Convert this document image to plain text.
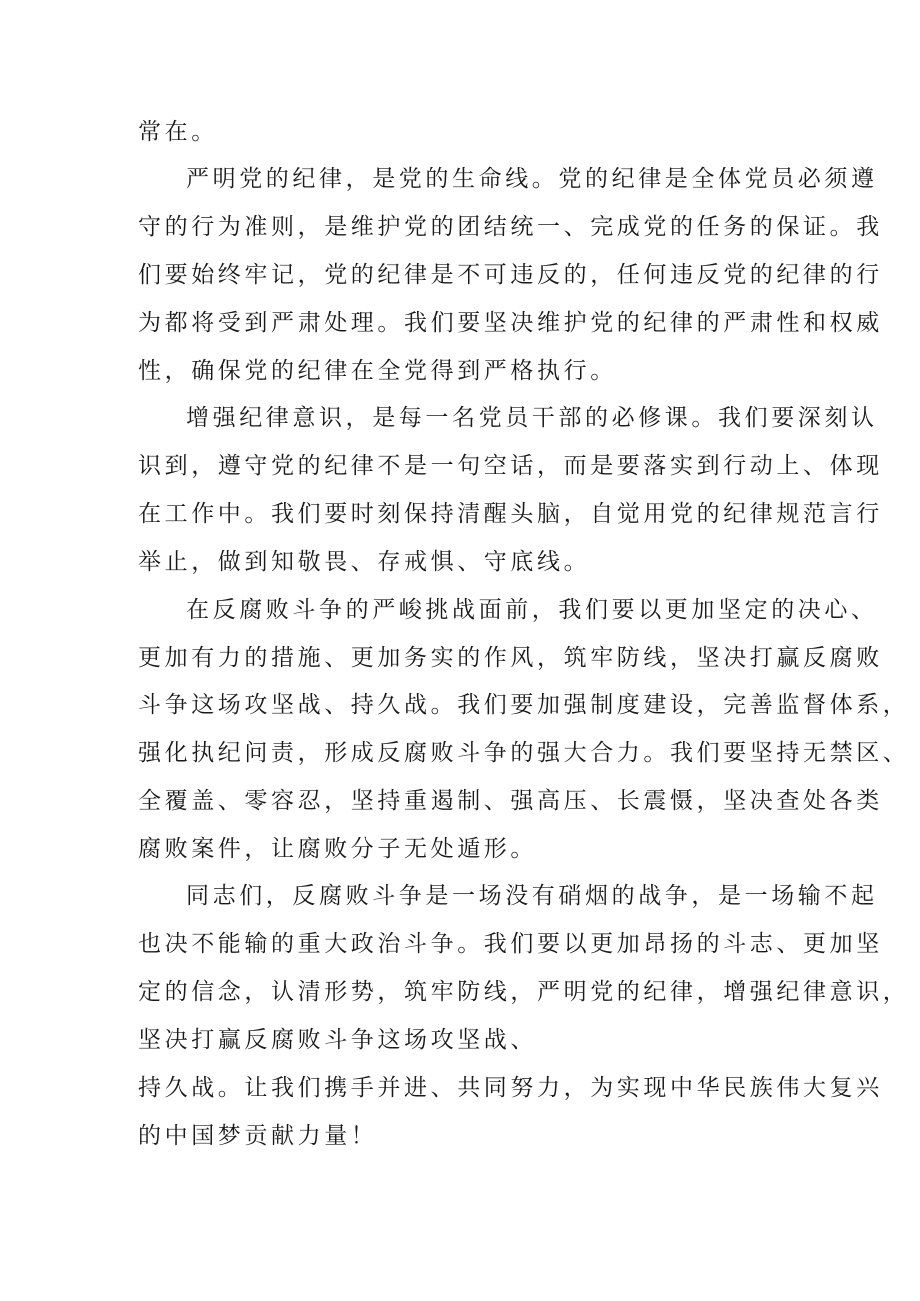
常在。
严明党的纪律，是党的生命线。党的纪律是全体党员必须遵
守的行为准则，是维护党的团结统一、完成党的任务的保证。我
们要始终牢记，党的纪律是不可违反的，任何违反党的纪律的行
为都将受到严肃处理。我们要坚决维护党的纪律的严肃性和权威
性，确保党的纪律在全党得到严格执行。
增强纪律意识，是每一名党员干部的必修课。我们要深刻认
识到，遵守党的纪律不是一句空话，而是要落实到行动上、体现
在工作中。我们要时刻保持清醒头脑，自觉用党的纪律规范言行
举止，做到知敬畏、存戒惧、守底线。
在反腐败斗争的严峻挑战面前，我们要以更加坚定的决心、
更加有力的措施、更加务实的作风，筑牢防线，坚决打赢反腐败
斗争这场攻坚战、持久战。我们要加强制度建设，完善监督体系，
强化执纪问责，形成反腐败斗争的强大合力。我们要坚持无禁区、
全覆盖、零容忍，坚持重遏制、强高压、长震慑，坚决查处各类
腐败案件，让腐败分子无处遁形。
同志们，反腐败斗争是一场没有硝烟的战争，是一场输不起
也决不能输的重大政治斗争。我们要以更加昂扬的斗志、更加坚
定的信念，认清形势，筑牢防线，严明党的纪律，增强纪律意识，
坚决打赢反腐败斗争这场攻坚战、
持久战。让我们携手并进、共同努力，为实现中华民族伟大复兴
的中国梦贡献力量！
